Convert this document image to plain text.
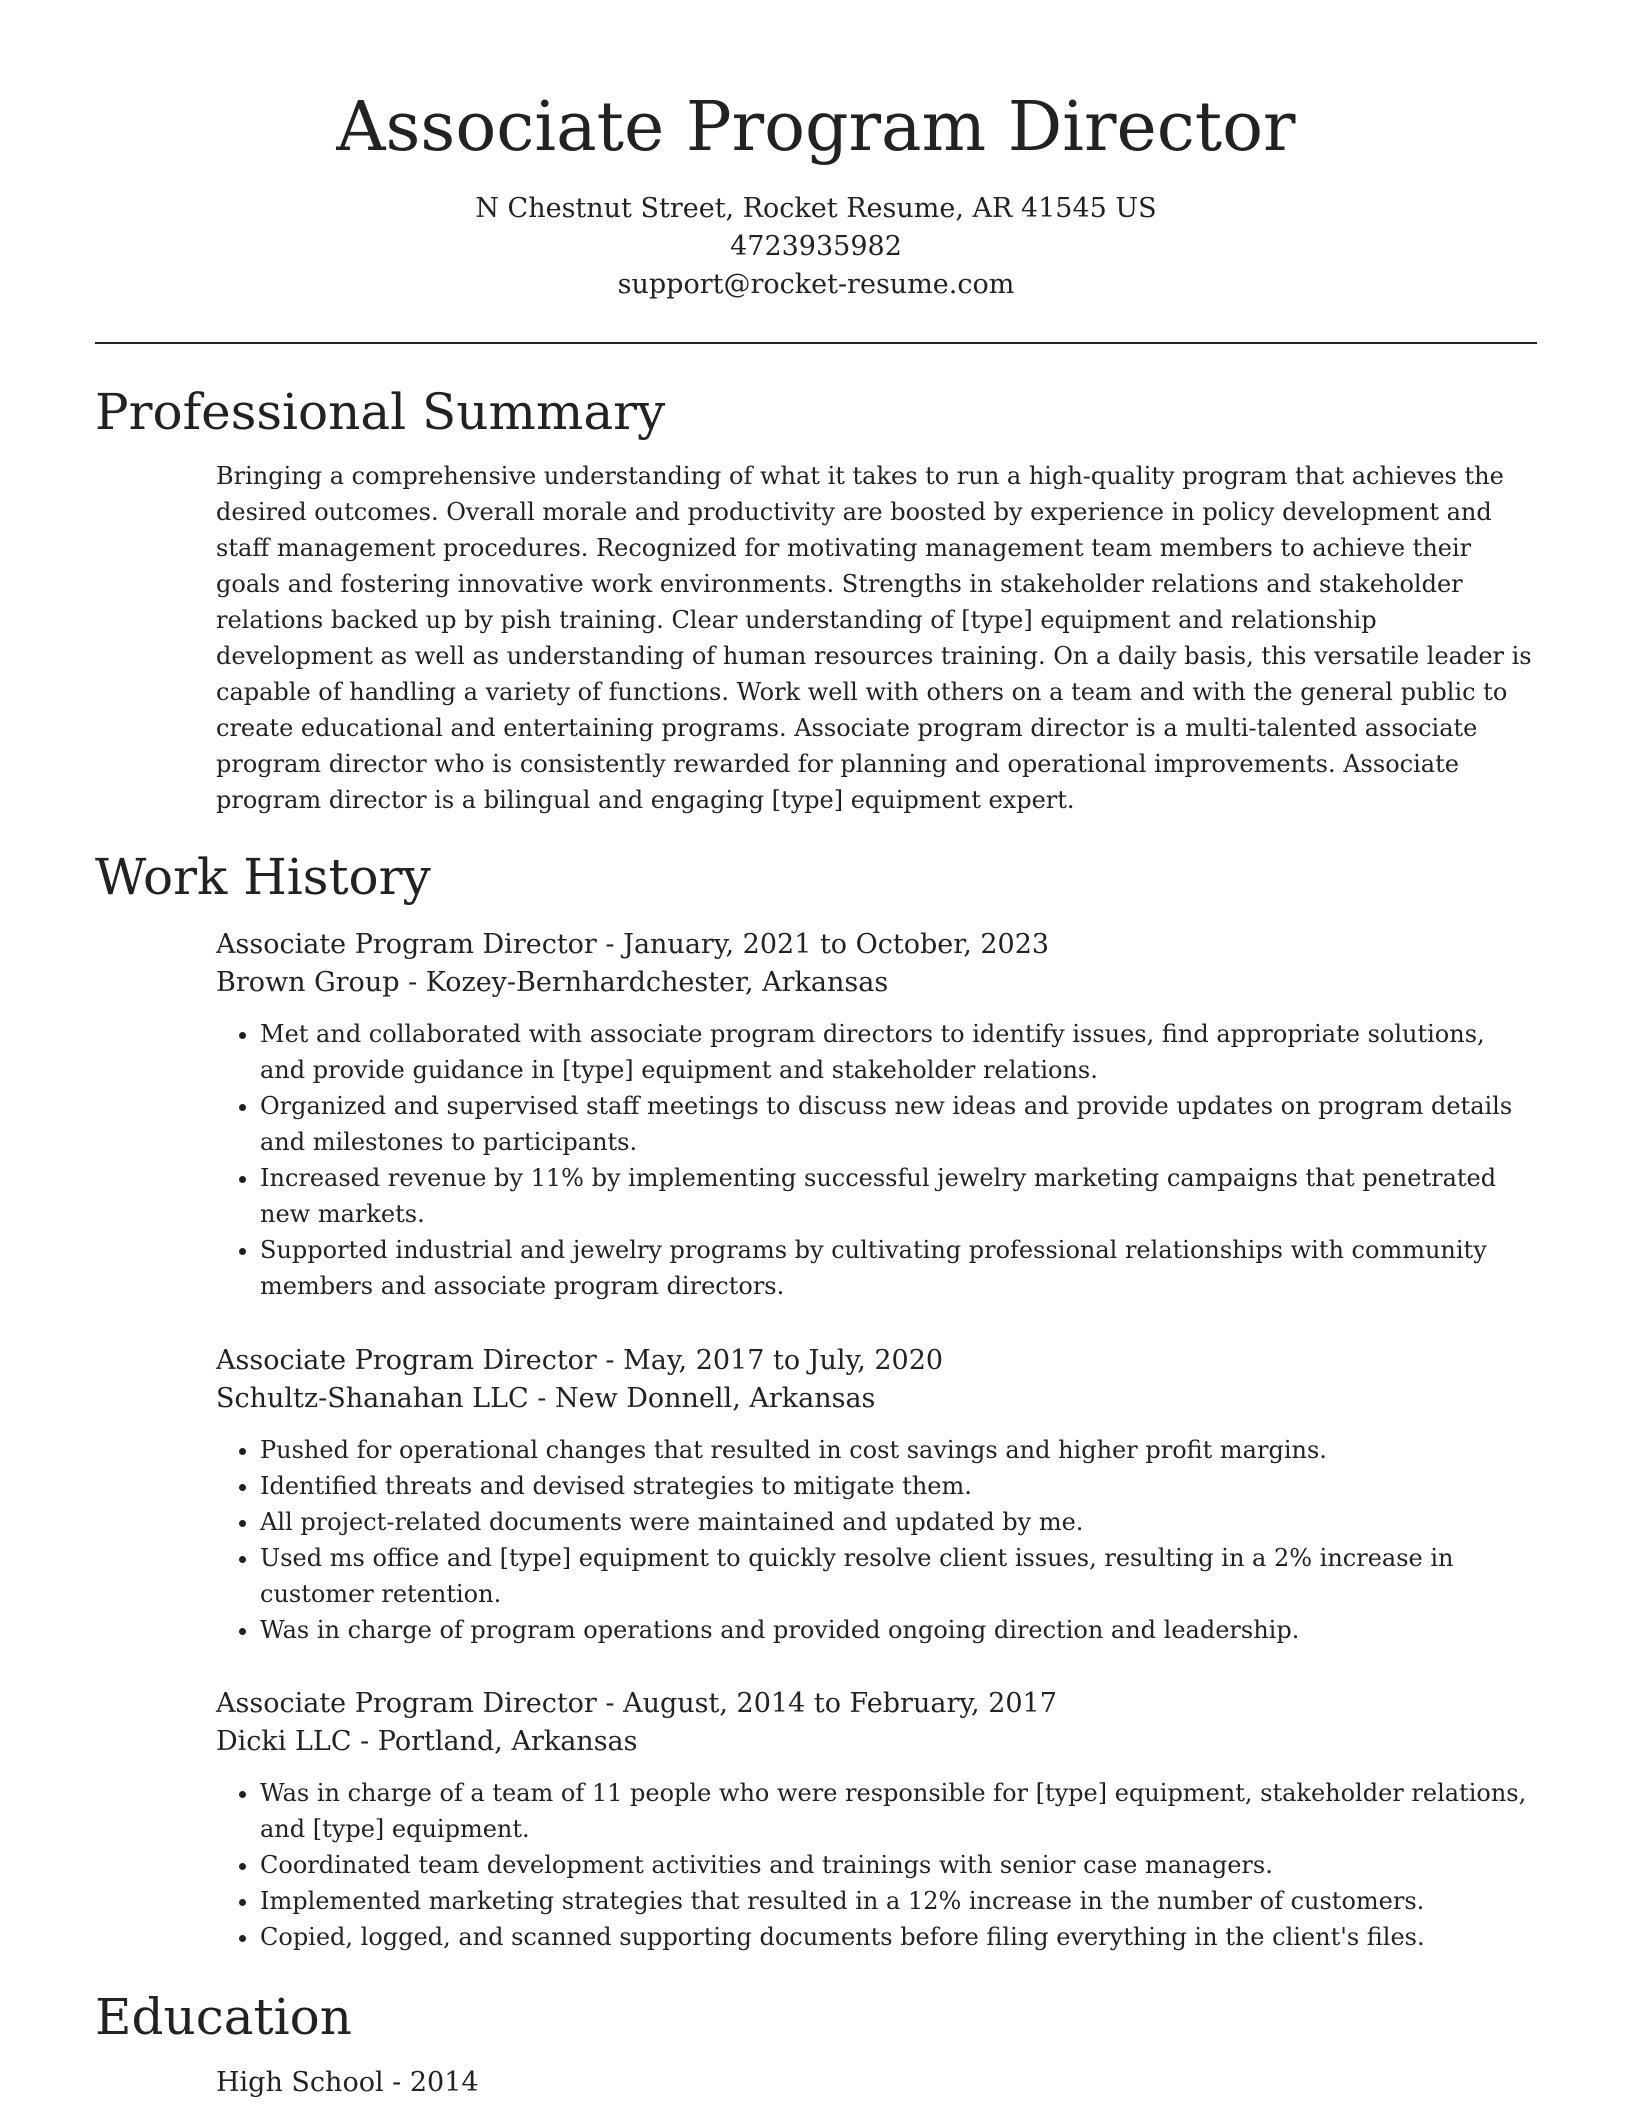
Associate Program Director
N Chestnut Street, Rocket Resume, AR 41545 US
4723935982
support@rocket-resume.com
Professional Summary

Bringing a comprehensive understanding of what it takes to run a high-quality program that achieves the desired outcomes. Overall morale and productivity are boosted by experience in policy development and staff management procedures. Recognized for motivating management team members to achieve their goals and fostering innovative work environments. Strengths in stakeholder relations and stakeholder relations backed up by pish training. Clear understanding of [type] equipment and relationship development as well as understanding of human resources training. On a daily basis, this versatile leader is capable of handling a variety of functions. Work well with others on a team and with the general public to create educational and entertaining programs. Associate program director is a multi-talented associate program director who is consistently rewarded for planning and operational improvements. Associate program director is a bilingual and engaging [type] equipment expert.

Work History
Associate Program Director - January, 2021 to October, 2023
Brown Group - Kozey-Bernhardchester, Arkansas
• Met and collaborated with associate program directors to identify issues, find appropriate solutions, and provide guidance in [type] equipment and stakeholder relations.
• Organized and supervised staff meetings to discuss new ideas and provide updates on program details and milestones to participants.
• Increased revenue by 11% by implementing successful jewelry marketing campaigns that penetrated new markets.
• Supported industrial and jewelry programs by cultivating professional relationships with community members and associate program directors.
Associate Program Director - May, 2017 to July, 2020
Schultz-Shanahan LLC - New Donnell, Arkansas
• Pushed for operational changes that resulted in cost savings and higher profit margins.
• Identified threats and devised strategies to mitigate them.
• All project-related documents were maintained and updated by me.
• Used ms office and [type] equipment to quickly resolve client issues, resulting in a 2% increase in customer retention.
• Was in charge of program operations and provided ongoing direction and leadership.
Associate Program Director - August, 2014 to February, 2017
Dicki LLC - Portland, Arkansas
• Was in charge of a team of 11 people who were responsible for [type] equipment, stakeholder relations, and [type] equipment.
• Coordinated team development activities and trainings with senior case managers.
• Implemented marketing strategies that resulted in a 12% increase in the number of customers.
• Copied, logged, and scanned supporting documents before filing everything in the client's files.
Education
High School - 2014
